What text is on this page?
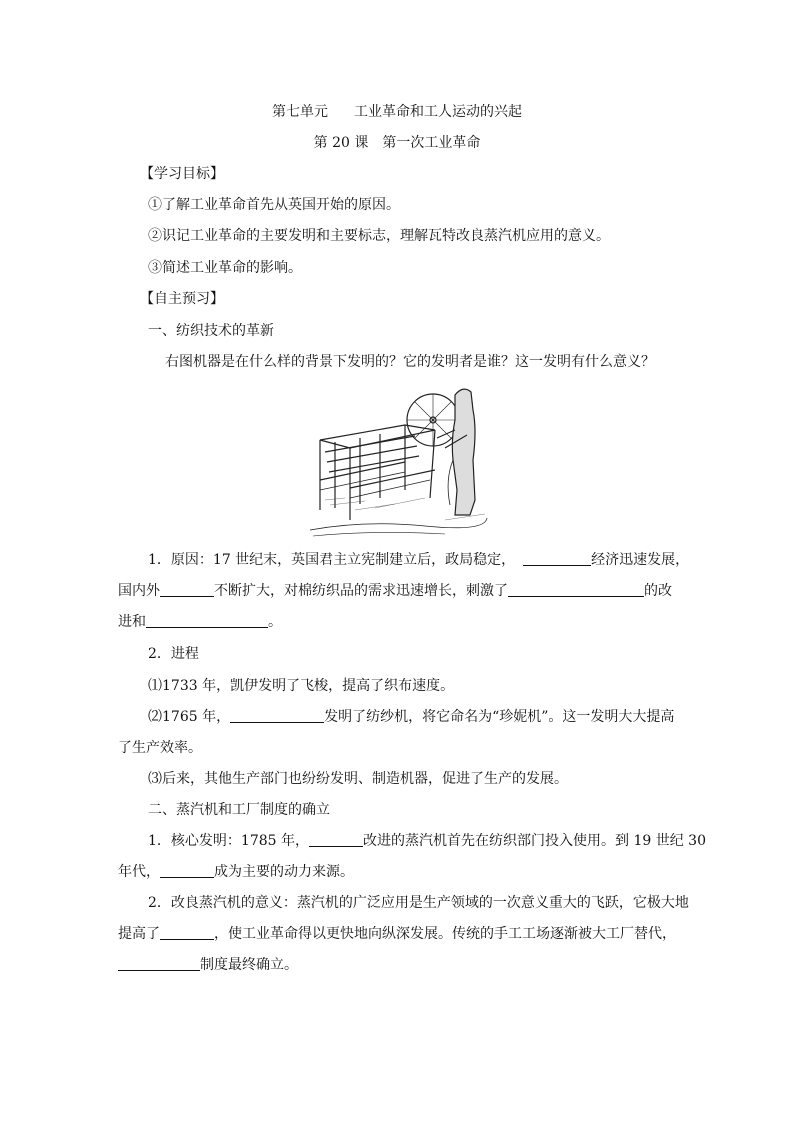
第七单元 工业革命和工人运动的兴起
第 20 课　第一次工业革命
【学习目标】
①了解工业革命首先从英国开始的原因。
②识记工业革命的主要发明和主要标志，理解瓦特改良蒸汽机应用的意义。
③简述工业革命的影响。
【自主预习】
一、纺织技术的革新
右图机器是在什么样的背景下发明的？它的发明者是谁？这一发明有什么意义？
1．原因：17 世纪末，英国君主立宪制建立后，政局稳定，	经济迅速发展，
国内外	不断扩大，对棉纺织品的需求迅速增长，刺激了	的改
进和	。
2．进程
⑴1733 年，凯伊发明了飞梭，提高了织布速度。
⑵1765 年，	发明了纺纱机，将它命名为“珍妮机”。这一发明大大提高
了生产效率。
⑶后来，其他生产部门也纷纷发明、制造机器，促进了生产的发展。
二、蒸汽机和工厂制度的确立
1．核心发明：1785 年，	改进的蒸汽机首先在纺织部门投入使用。到 19 世纪 30
年代，	成为主要的动力来源。
2．改良蒸汽机的意义：蒸汽机的广泛应用是生产领域的一次意义重大的飞跃，它极大地
提高了	，使工业革命得以更快地向纵深发展。传统的手工工场逐渐被大工厂替代，
制度最终确立。
